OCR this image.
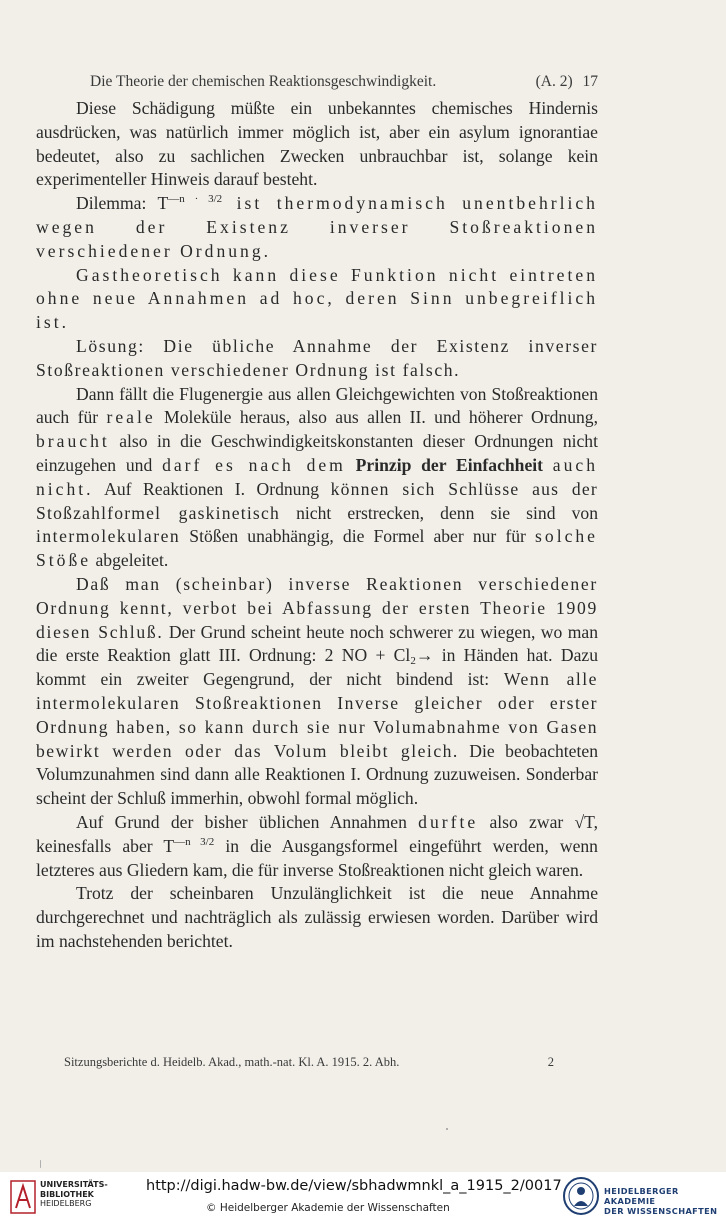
Die Theorie der chemischen Reaktionsgeschwindigkeit.	(A. 2) 17

Diese Schädigung müßte ein unbekanntes chemisches Hindernis ausdrücken, was natürlich immer möglich ist, aber ein asylum ignorantiae bedeutet, also zu sachlichen Zwecken unbrauchbar ist, solange kein experimenteller Hinweis darauf besteht.

Dilemma: $T^{—n \cdot 3/2}$ ist thermodynamisch unentbehrlich wegen der Existenz inverser Stoßreaktionen verschiedener Ordnung.

Gastheoretisch kann diese Funktion nicht eintreten ohne neue Annahmen ad hoc, deren Sinn unbegreiflich ist.

Lösung: Die übliche Annahme der Existenz inverser Stoßreaktionen verschiedener Ordnung ist falsch.

Dann fällt die Flugenergie aus allen Gleichgewichten von Stoßreaktionen auch für reale Moleküle heraus, also aus allen II. und höherer Ordnung, braucht also in die Geschwindigkeitskonstanten dieser Ordnungen nicht einzugehen und darf es nach dem Prinzip der Einfachheit auch nicht. Auf Reaktionen I. Ordnung können sich Schlüsse aus der Stoßzahlformel gaskinetisch nicht erstrecken, denn sie sind von intermolekularen Stößen unabhängig, die Formel aber nur für solche Stöße abgeleitet.

Daß man (scheinbar) inverse Reaktionen verschiedener Ordnung kennt, verbot bei Abfassung der ersten Theorie 1909 diesen Schluß. Der Grund scheint heute noch schwerer zu wiegen, wo man die erste Reaktion glatt III. Ordnung: 2 NO + $Cl_2\to$ in Händen hat. Dazu kommt ein zweiter Gegengrund, der nicht bindend ist: Wenn alle intermolekularen Stoßreaktionen Inverse gleicher oder erster Ordnung haben, so kann durch sie nur Volumabnahme von Gasen bewirkt werden oder das Volum bleibt gleich. Die beobachteten Volumzunahmen sind dann alle Reaktionen I. Ordnung zuzuweisen. Sonderbar scheint der Schluß immerhin, obwohl formal möglich.

Auf Grund der bisher üblichen Annahmen durfte also zwar √T, keinesfalls aber $T^{—n 3/2}$ in die Ausgangsformel eingeführt werden, wenn letzteres aus Gliedern kam, die für inverse Stoßreaktionen nicht gleich waren.

Trotz der scheinbaren Unzulänglichkeit ist die neue Annahme durchgerechnet und nachträglich als zulässig erwiesen worden. Darüber wird im nachstehenden berichtet.

Sitzungsberichte d. Heidelb. Akad., math.-nat. Kl. A. 1915. 2. Abh.	2
UNIVERSITÄTS-
BIBLIOTHEK
HEIDELBERG
http://digi.hadw-bw.de/view/sbhadwmnkl_a_1915_2/0017
© Heidelberger Akademie der Wissenschaften
HEIDELBERGER AKADEMIE
DER WISSENSCHAFTEN
